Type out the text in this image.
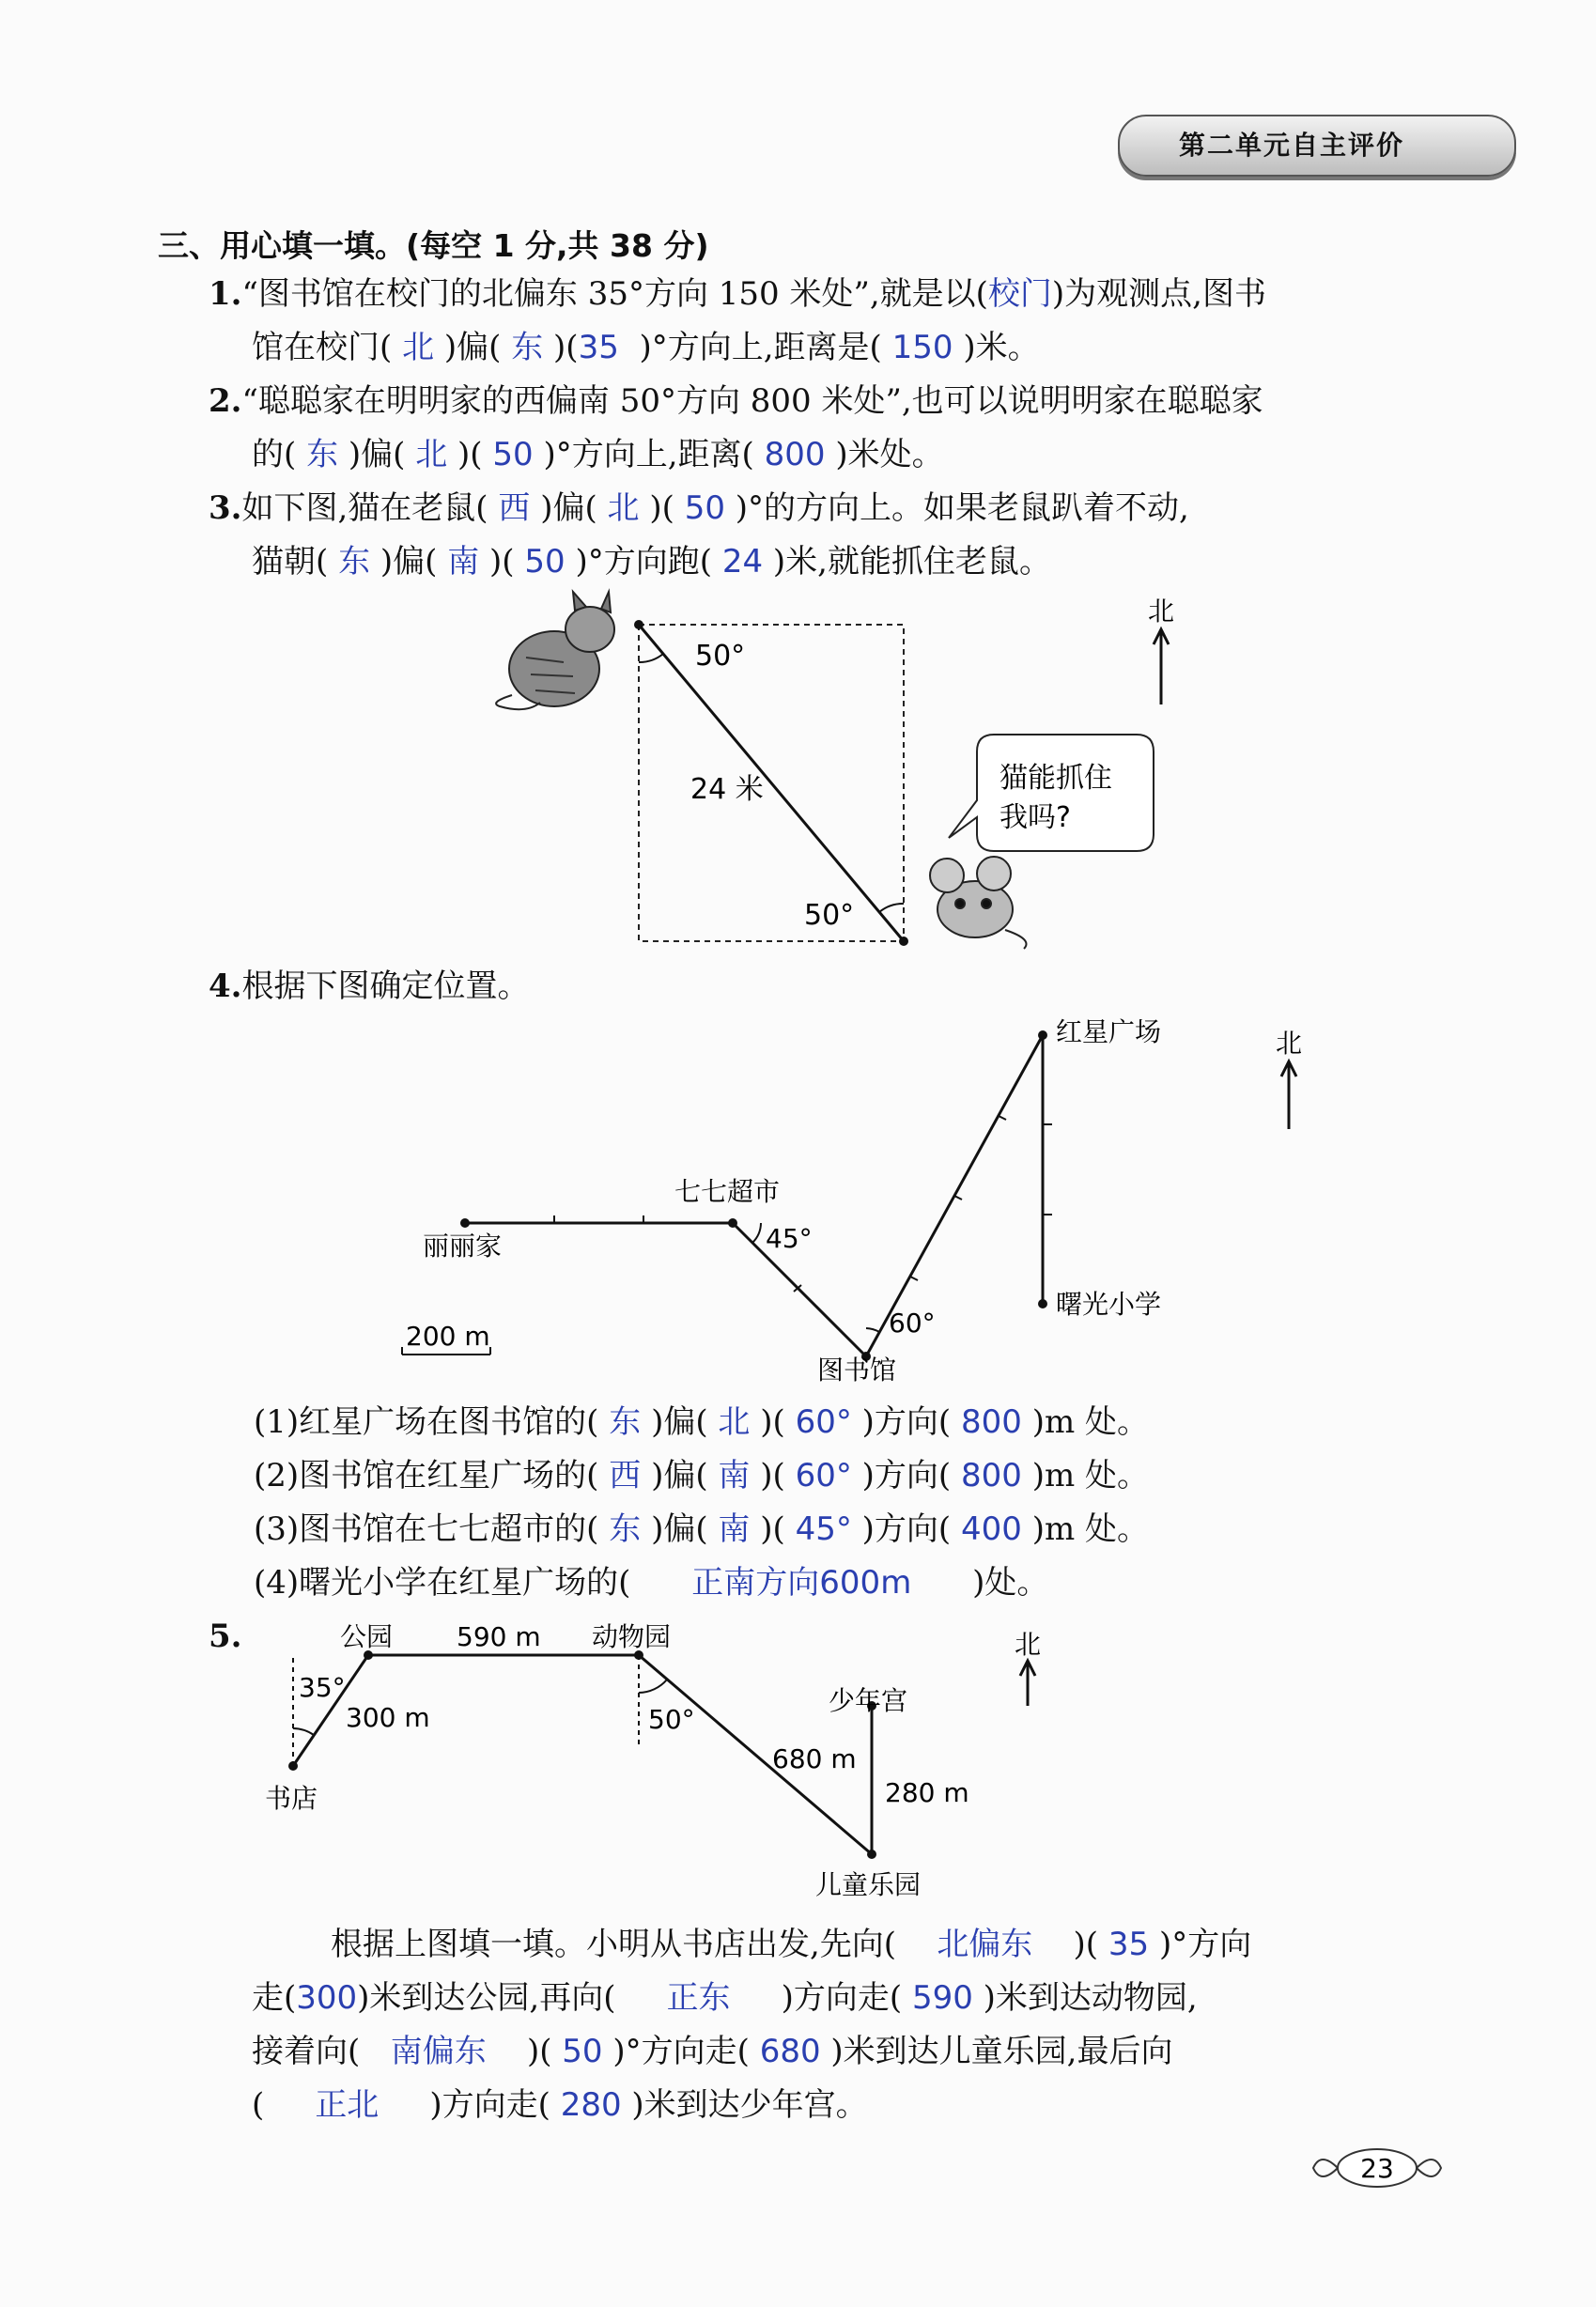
第二单元自主评价
三、用心填一填。(每空 1 分,共 38 分)
1.“图书馆在校门的北偏东 35°方向 150 米处”,就是以(校门)为观测点,图书
馆在校门( 北 )偏( 东 )(35 )°方向上,距离是( 150 )米。
2.“聪聪家在明明家的西偏南 50°方向 800 米处”,也可以说明明家在聪聪家
的( 东 )偏( 北 )( 50 )°方向上,距离( 800 )米处。
3.如下图,猫在老鼠( 西 )偏( 北 )( 50 )°的方向上。如果老鼠趴着不动,
猫朝( 东 )偏( 南 )( 50 )°方向跑( 24 )米,就能抓住老鼠。
50°
50°
24 米
北
猫能抓住
我吗?
4.根据下图确定位置。
丽丽家
七七超市
图书馆
红星广场
曙光小学
45°
60°
200 m
北
(1)红星广场在图书馆的( 东 )偏( 北 )( 60° )方向( 800 )m 处。
(2)图书馆在红星广场的( 西 )偏( 南 )( 60° )方向( 800 )m 处。
(3)图书馆在七七超市的( 东 )偏( 南 )( 45° )方向( 400 )m 处。
(4)曙光小学在红星广场的( 正南方向600m )处。
5.	公园	动物园
书店
少年宫
儿童乐园
590 m
300 m
680 m
280 m
35°
50°
北
根据上图填一填。小明从书店出发,先向( 北偏东 )( 35 )°方向
走(300)米到达公园,再向( 正东 )方向走( 590 )米到达动物园,
接着向( 南偏东 )( 50 )°方向走( 680 )米到达儿童乐园,最后向
( 正北 )方向走( 280 )米到达少年宫。
23
